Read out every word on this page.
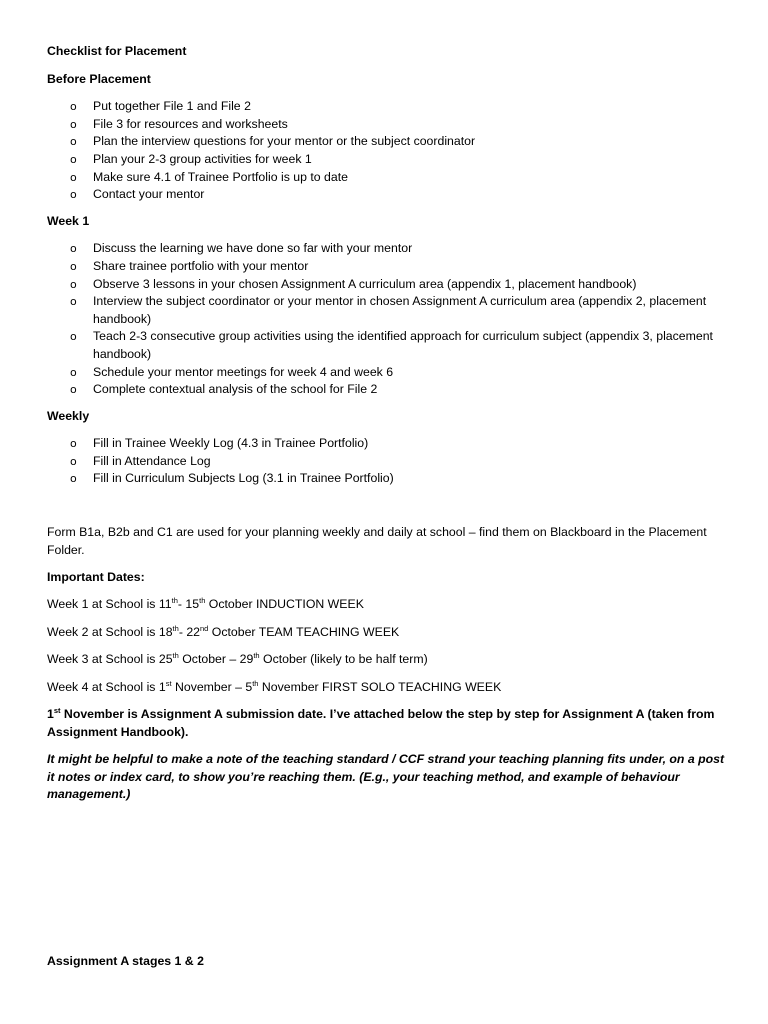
Checklist for Placement

Before Placement

o Put together File 1 and File 2
o File 3 for resources and worksheets
o Plan the interview questions for your mentor or the subject coordinator
o Plan your 2-3 group activities for week 1
o Make sure 4.1 of Trainee Portfolio is up to date
o Contact your mentor

Week 1

o Discuss the learning we have done so far with your mentor
o Share trainee portfolio with your mentor
o Observe 3 lessons in your chosen Assignment A curriculum area (appendix 1, placement handbook)
o Interview the subject coordinator or your mentor in chosen Assignment A curriculum area (appendix 2, placement handbook)
o Teach 2-3 consecutive group activities using the identified approach for curriculum subject (appendix 3, placement handbook)
o Schedule your mentor meetings for week 4 and week 6
o Complete contextual analysis of the school for File 2

Weekly

o Fill in Trainee Weekly Log (4.3 in Trainee Portfolio)
o Fill in Attendance Log
o Fill in Curriculum Subjects Log (3.1 in Trainee Portfolio)

Form B1a, B2b and C1 are used for your planning weekly and daily at school – find them on Blackboard in the Placement Folder.

Important Dates:

Week 1 at School is 11th- 15th October INDUCTION WEEK

Week 2 at School is 18th- 22nd October TEAM TEACHING WEEK

Week 3 at School is 25th October – 29th October (likely to be half term)

Week 4 at School is 1st November – 5th November FIRST SOLO TEACHING WEEK

1st November is Assignment A submission date. I’ve attached below the step by step for Assignment A (taken from Assignment Handbook).

It might be helpful to make a note of the teaching standard / CCF strand your teaching planning fits under, on a post it notes or index card, to show you’re reaching them. (E.g., your teaching method, and example of behaviour management.)

Assignment A stages 1 & 2
